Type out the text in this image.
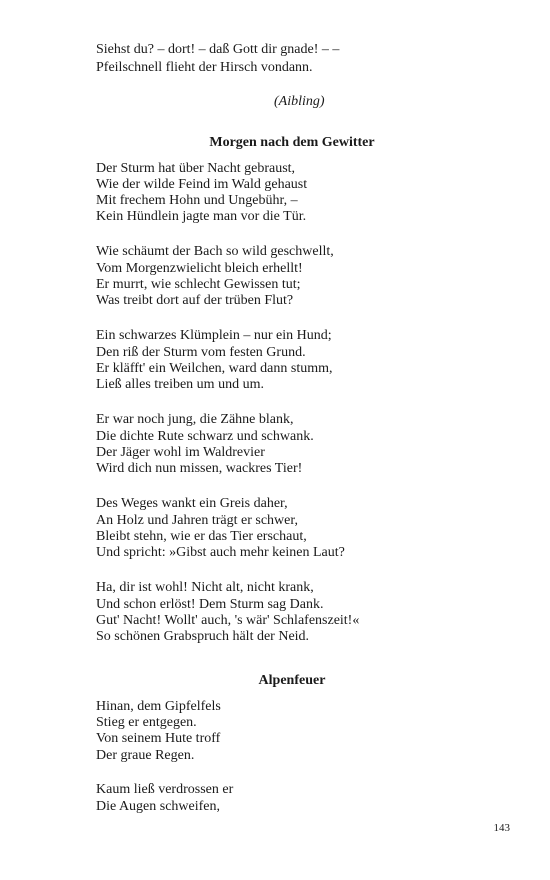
Siehst du? – dort! – daß Gott dir gnade! – –
Pfeilschnell flieht der Hirsch vondann.
(Aibling)
Morgen nach dem Gewitter
Der Sturm hat über Nacht gebraust,
Wie der wilde Feind im Wald gehaust
Mit frechem Hohn und Ungebühr, –
Kein Hündlein jagte man vor die Tür.
Wie schäumt der Bach so wild geschwellt,
Vom Morgenzwielicht bleich erhellt!
Er murrt, wie schlecht Gewissen tut;
Was treibt dort auf der trüben Flut?
Ein schwarzes Klümplein – nur ein Hund;
Den riß der Sturm vom festen Grund.
Er kläfft' ein Weilchen, ward dann stumm,
Ließ alles treiben um und um.
Er war noch jung, die Zähne blank,
Die dichte Rute schwarz und schwank.
Der Jäger wohl im Waldrevier
Wird dich nun missen, wackres Tier!
Des Weges wankt ein Greis daher,
An Holz und Jahren trägt er schwer,
Bleibt stehn, wie er das Tier erschaut,
Und spricht: »Gibst auch mehr keinen Laut?
Ha, dir ist wohl! Nicht alt, nicht krank,
Und schon erlöst! Dem Sturm sag Dank.
Gut' Nacht! Wollt' auch, 's wär' Schlafenszeit!«
So schönen Grabspruch hält der Neid.
Alpenfeuer
Hinan, dem Gipfelfels
Stieg er entgegen.
Von seinem Hute troff
Der graue Regen.
Kaum ließ verdrossen er
Die Augen schweifen,
143
